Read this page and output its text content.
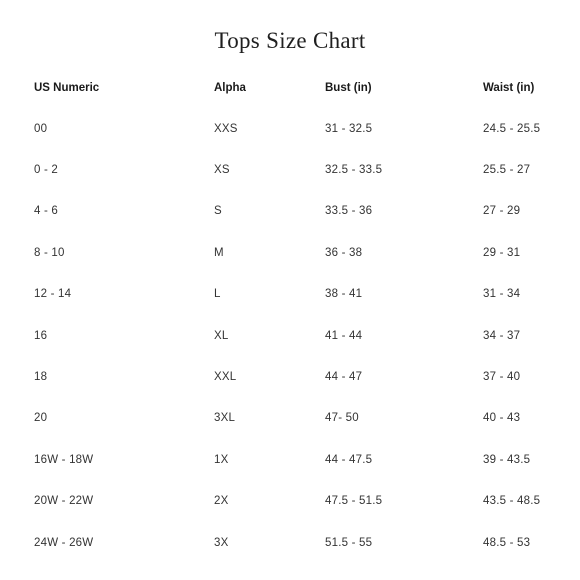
Tops Size Chart
US Numeric	Alpha	Bust (in)	Waist (in)
00	XXS	31 - 32.5	24.5 - 25.5
0 - 2	XS	32.5 - 33.5	25.5 - 27
4 - 6	S	33.5 - 36	27 - 29
8 - 10	M	36 - 38	29 - 31
12 - 14	L	38 - 41	31 - 34
16	XL	41 - 44	34 - 37
18	XXL	44 - 47	37 - 40
20	3XL	47- 50	40 - 43
16W - 18W	1X	44 - 47.5	39 - 43.5
20W - 22W	2X	47.5 - 51.5	43.5 - 48.5
24W - 26W	3X	51.5 - 55	48.5 - 53
